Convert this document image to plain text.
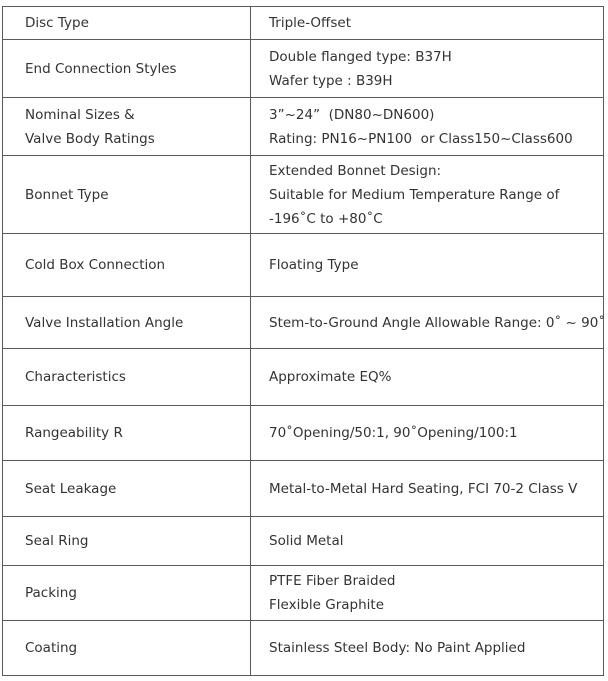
Disc Type	Triple-Offset

End Connection Styles	Double flanged type: B37H
Wafer type : B39H

Nominal Sizes &
Valve Body Ratings	3”~24”  (DN80~DN600)
Rating: PN16~PN100  or Class150~Class600

Bonnet Type	Extended Bonnet Design:
Suitable for Medium Temperature Range of
-196˚C to +80˚C

Cold Box Connection	Floating Type

Valve Installation Angle	Stem-to-Ground Angle Allowable Range: 0˚ ~ 90˚

Characteristics	Approximate EQ%

Rangeability R	70˚Opening/50:1, 90˚Opening/100:1

Seat Leakage	Metal-to-Metal Hard Seating, FCI 70-2 Class V

Seal Ring	Solid Metal

Packing	PTFE Fiber Braided
Flexible Graphite

Coating	Stainless Steel Body: No Paint Applied
